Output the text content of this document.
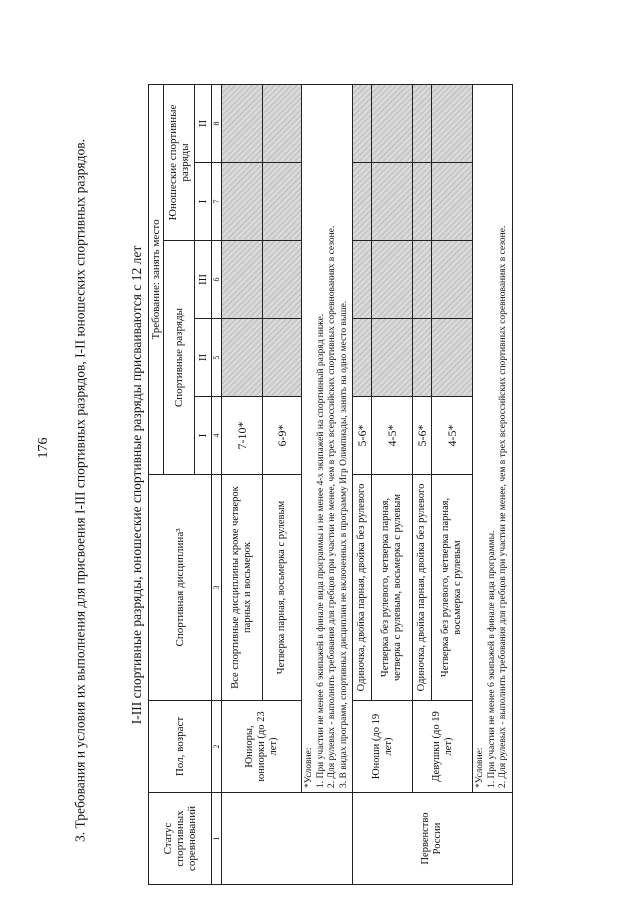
176 3. Требования и условия их выполнения для присвоения I-III спортивных разрядов, I-II юношеских спортивных разрядов.	I-III спортивные разряды, юношеские спортивные разряды присваиваются с 12 лет
Статус спортивных соревнований	Пол, возраст	Спортивная дисциплина³	Требование: занять место				
			Спортивные разряды			Юношеские спортивные разряды	
			I	II	III	I	II
1	2	3	4	5	6	7	8
	Юниоры, юниорки (до 23 лет)	Все спортивные дисциплины кроме четверок парных и восьмерок	7-10*				
		Четверка парная, восьмерка с рулевым	6-9*				

	*Условие: 1. При участии не менее 6 экипажей в финале вида программы и не менее 4-х экипажей на спортивный разряд ниже. 2. Для рулевых - выполнить требования для гребцов при участии не менее, чем в трех всероссийских спортивных соревнованиях в сезоне. 3. В видах программ, спортивных дисциплин не включенных в программу Игр Олимпиады, занять на одно место выше.						

Первенство России	Юноши (до 19 лет)	Одиночка, двойка парная, двойка без рулевого	5-6*				
		Четверка без рулевого, четверка парная, четверка с рулевым, восьмерка с рулевым	4-5*				
	Девушки (до 19 лет)	Одиночка, двойка парная, двойка без рулевого	5-6*				
		Четверка без рулевого, четверка парная, восьмерка с рулевым	4-5*				

	*Условие: 1. При участии не менее 6 экипажей в финале вида программы. 2. Для рулевых - выполнить требования для гребцов при участии не менее, чем в трех всероссийских спортивных соревнованиях в сезоне.						
